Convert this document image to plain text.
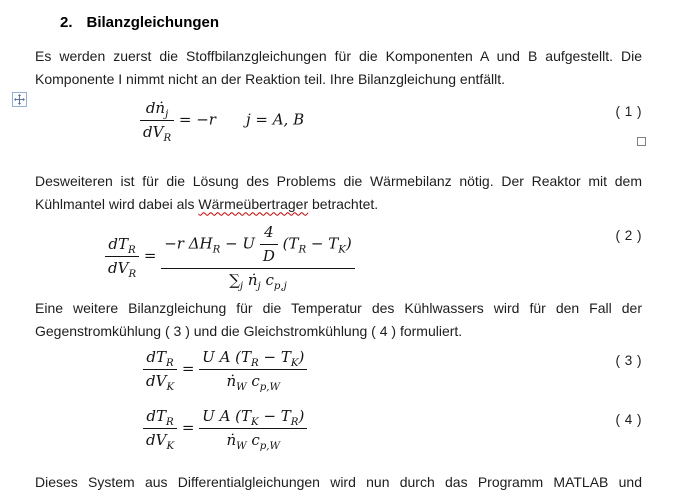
2. Bilanzgleichungen
Es werden zuerst die Stoffbilanzgleichungen für die Komponenten A und B aufgestellt. Die
Komponente I nimmt nicht an der Reaktion teil. Ihre Bilanzgleichung entfällt.
$\frac{dṅ_j}{dV_R} = -r$  j = A, B	( 1 )
Desweiteren ist für die Lösung des Problems die Wärmebilanz nötig. Der Reaktor mit dem
Kühlmantel wird dabei als Wärmeübertrager betrachtet.
$\frac{dT_R}{dV_R} = \frac{-r \Delta H_R - U \frac{4}{D} (T_R - T_K)}{\sum_j ṅ_j c_{p,j}}$	( 2 )
Eine weitere Bilanzgleichung für die Temperatur des Kühlwassers wird für den Fall der
Gegenstromkühlung ( 3 ) und die Gleichstromkühlung ( 4 ) formuliert.
$\frac{dT_R}{dV_K} = \frac{U A (T_R - T_K)}{ṅ_W c_{p,W}}$	( 3 )
$\frac{dT_R}{dV_K} = \frac{U A (T_K - T_R)}{ṅ_W c_{p,W}}$	( 4 )
Dieses System aus Differentialgleichungen wird nun durch das Programm MATLAB und
